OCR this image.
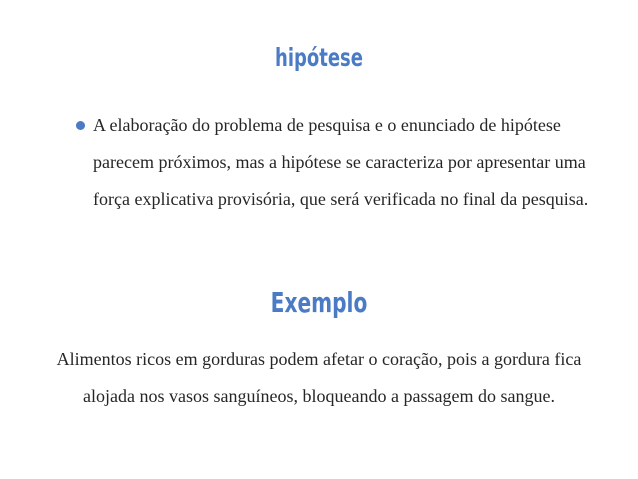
hipótese

A elaboração do problema de pesquisa e o enunciado de hipótese parecem próximos, mas a hipótese se caracteriza por apresentar uma força explicativa provisória, que será verificada no final da pesquisa.

Exemplo

Alimentos ricos em gorduras podem afetar o coração, pois a gordura fica alojada nos vasos sanguíneos, bloqueando a passagem do sangue.
